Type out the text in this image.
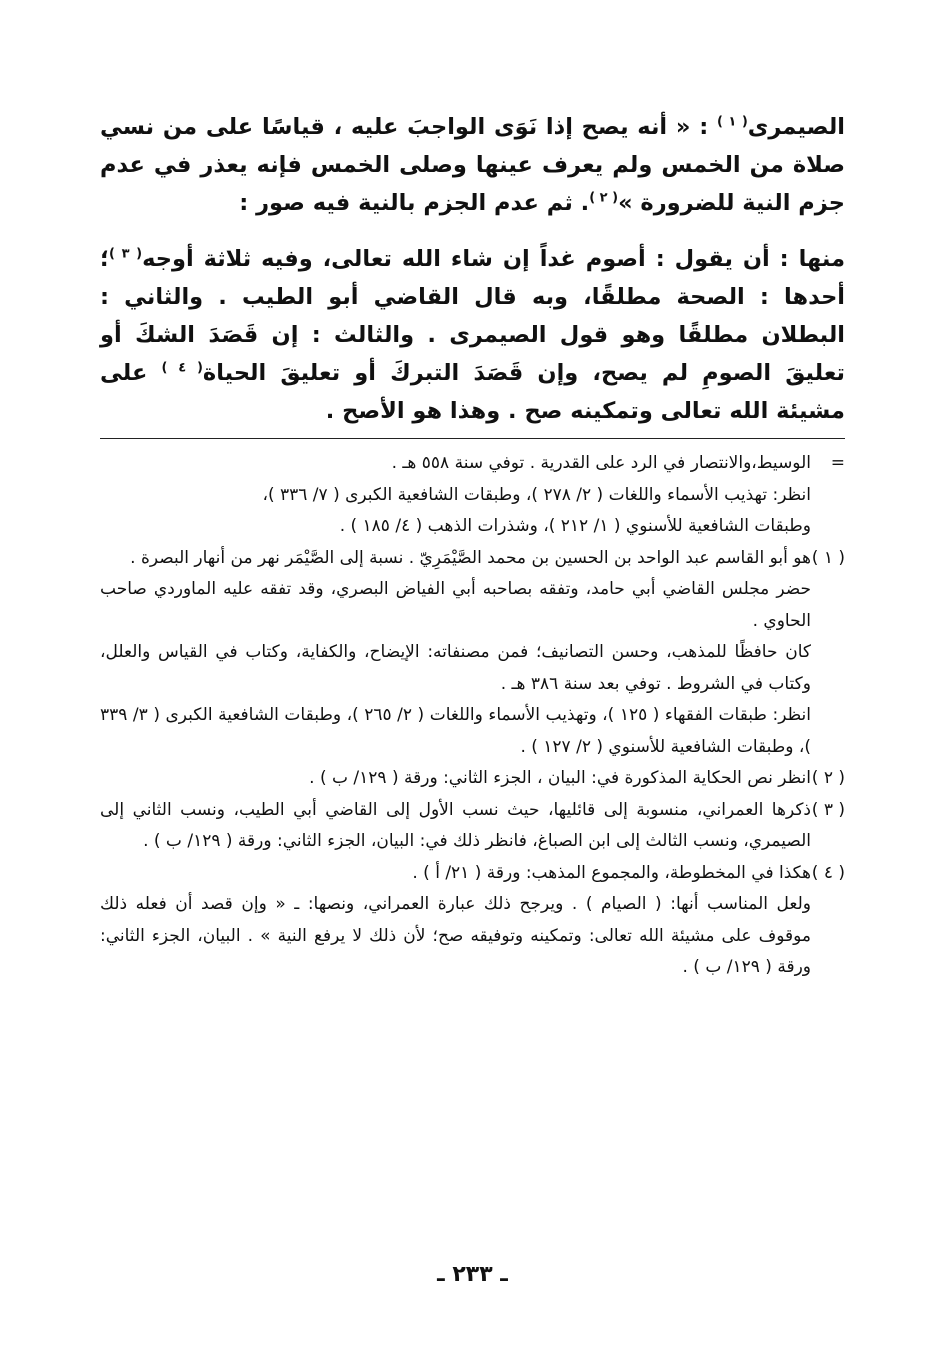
الصيمرى$^{( ١ )}$ : « أنه يصح إذا نَوَى الواجبَ عليه ، قياسًا على من نسي صلاة من الخمس ولم يعرف عينها وصلى الخمس فإنه يعذر في عدم جزم النية للضرورة »$^{( ٢ )}$. ثم عدم الجزم بالنية فيه صور :

منها : أن يقول : أصوم غداً إن شاء الله تعالى، وفيه ثلاثة أوجه$^{( ٣ )}$؛ أحدها : الصحة مطلقًا، وبه قال القاضي أبو الطيب . والثاني : البطلان مطلقًا وهو قول الصيمرى . والثالث : إن قَصَدَ الشكَ أو تعليقَ الصومِ لم يصح، وإن قَصَدَ التبركَ أو تعليقَ الحياة$^{( ٤ )}$ على مشيئة الله تعالى وتمكينه صح . وهذا هو الأصح .

=
الوسيط،والانتصار في الرد على القدرية . توفي سنة ٥٥٨ هـ .
انظر: تهذيب الأسماء واللغات ( ٢/ ٢٧٨ )، وطبقات الشافعية الكبرى ( ٧/ ٣٣٦ )،
وطبقات الشافعية للأسنوي ( ١/ ٢١٢ )، وشذرات الذهب ( ٤/ ١٨٥ ) .
( ١ )
هو أبو القاسم عبد الواحد بن الحسين بن محمد الصَّيْمَرِيّ . نسبة إلى الصَّيْمَر نهر من أنهار البصرة .
حضر مجلس القاضي أبي حامد، وتفقه بصاحبه أبي الفياض البصري، وقد تفقه عليه الماوردي صاحب الحاوي .
كان حافظًا للمذهب، وحسن التصانيف؛ فمن مصنفاته: الإيضاح، والكفاية، وكتاب في القياس والعلل، وكتاب في الشروط . توفي بعد سنة ٣٨٦ هـ .
انظر: طبقات الفقهاء ( ١٢٥ )، وتهذيب الأسماء واللغات ( ٢/ ٢٦٥ )، وطبقات الشافعية الكبرى ( ٣/ ٣٣٩ )، وطبقات الشافعية للأسنوي ( ٢/ ١٢٧ ) .
( ٢ )
انظر نص الحكاية المذكورة في: البيان ، الجزء الثاني: ورقة ( ١٢٩/ ب ) .
( ٣ )
ذكرها العمراني، منسوبة إلى قائليها، حيث نسب الأول إلى القاضي أبي الطيب، ونسب الثاني إلى الصيمري، ونسب الثالث إلى ابن الصباغ، فانظر ذلك في: البيان، الجزء الثاني: ورقة ( ١٢٩/ ب ) .
( ٤ )
هكذا في المخطوطة، والمجموع المذهب: ورقة ( ٢١/ أ ) .
ولعل المناسب أنها: ( الصيام ) . ويرجح ذلك عبارة العمراني، ونصها: ـ « وإن قصد أن فعله ذلك موقوف على مشيئة الله تعالى: وتمكينه وتوفيقه صح؛ لأن ذلك لا يرفع النية » . البيان، الجزء الثاني: ورقة ( ١٢٩/ ب ) .
ـ ٢٣٣ ـ
